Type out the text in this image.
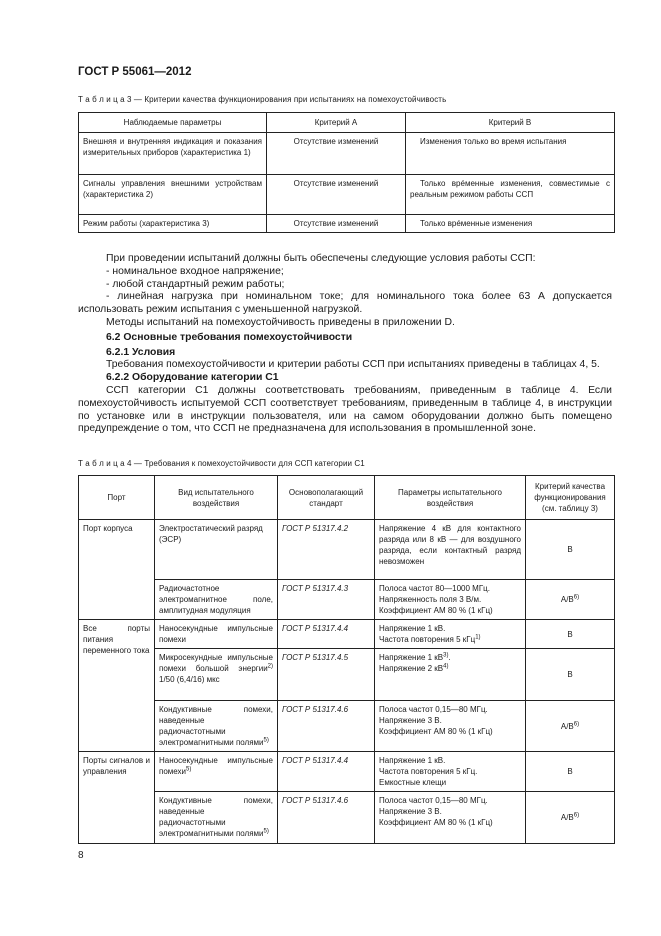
ГОСТ Р 55061—2012
Т а б л и ц а 3 — Критерии качества функционирования при испытаниях на помехоустойчивость
Наблюдаемые параметры	Критерий А	Критерий В
Внешняя и внутренняя индикация и показания измерительных приборов (характеристика 1)	Отсутствие изменений	Изменения только во время испытания
Сигналы управления внешними устройствам (характеристика 2)	Отсутствие изменений	Только врéменные изменения, совместимые с реальным режимом работы ССП
Режим работы (характеристика 3)	Отсутствие изменений	Только врéменные изменения
При проведении испытаний должны быть обеспечены следующие условия работы ССП:
- номинальное входное напряжение;
- любой стандартный режим работы;
- линейная нагрузка при номинальном токе; для номинального тока более 63 А допускается использовать режим испытания с уменьшенной нагрузкой.
Методы испытаний на помехоустойчивость приведены в приложении D.
6.2 Основные требования помехоустойчивости
6.2.1 Условия
Требования помехоустойчивости и критерии работы ССП при испытаниях приведены в таблицах 4, 5.
6.2.2 Оборудование категории С1
ССП категории С1 должны соответствовать требованиям, приведенным в таблице 4. Если помехоустойчивость испытуемой ССП соответствует требованиям, приведенным в таблице 4, в инструкции по установке или в инструкции пользователя, или на самом оборудовании должно быть помещено предупреждение о том, что ССП не предназначена для использования в промышленной зоне.
Т а б л и ц а 4 — Требования к помехоустойчивости для ССП категории С1
Порт	Вид испытательного воздействия	Основополагающий стандарт	Параметры испытательного воздействия	Критерий качества функционирования (см. таблицу 3)
Порт корпуса	Электростатический разряд (ЭСР)	ГОСТ Р 51317.4.2	Напряжение 4 кВ для контактного разряда или 8 кВ — для воздушного разряда, если контактный разряд невозможен	В
	Радиочастотное электромагнитное поле, амплитудная модуляция	ГОСТ Р 51317.4.3	Полоса частот 80—1000 МГц.
Напряженность поля 3 В/м.
Коэффициент АМ 80 % (1 кГц)	$А/В^{6)}$
Все порты питания переменного тока	Наносекундные импульсные помехи	ГОСТ Р 51317.4.4	Напряжение 1 кВ.
Частота повторения 5 кГц$^{1)}$	В
	Микросекундные импульсные помехи большой энергии$^{2)}$ 1/50 (6,4/16) мкс	ГОСТ Р 51317.4.5	Напряжение 1 $кВ^{3)}$.
Напряжение 2 $кВ^{4)}$	В
	Кондуктивные помехи, наведенные радиочастотными электромагнитными полями$^{5)}$	ГОСТ Р 51317.4.6	Полоса частот 0,15—80 МГц.
Напряжение 3 В.
Коэффициент АМ 80 % (1 кГц)	$А/В^{6)}$
Порты сигналов и управления	Наносекундные импульсные помехи$^{5)}$	ГОСТ Р 51317.4.4	Напряжение 1 кВ.
Частота повторения 5 кГц.
Емкостные клещи	В
	Кондуктивные помехи, наведенные радиочастотными электромагнитными полями$^{5)}$	ГОСТ Р 51317.4.6	Полоса частот 0,15—80 МГц.
Напряжение 3 В.
Коэффициент АМ 80 % (1 кГц)	$А/В^{6)}$
8
